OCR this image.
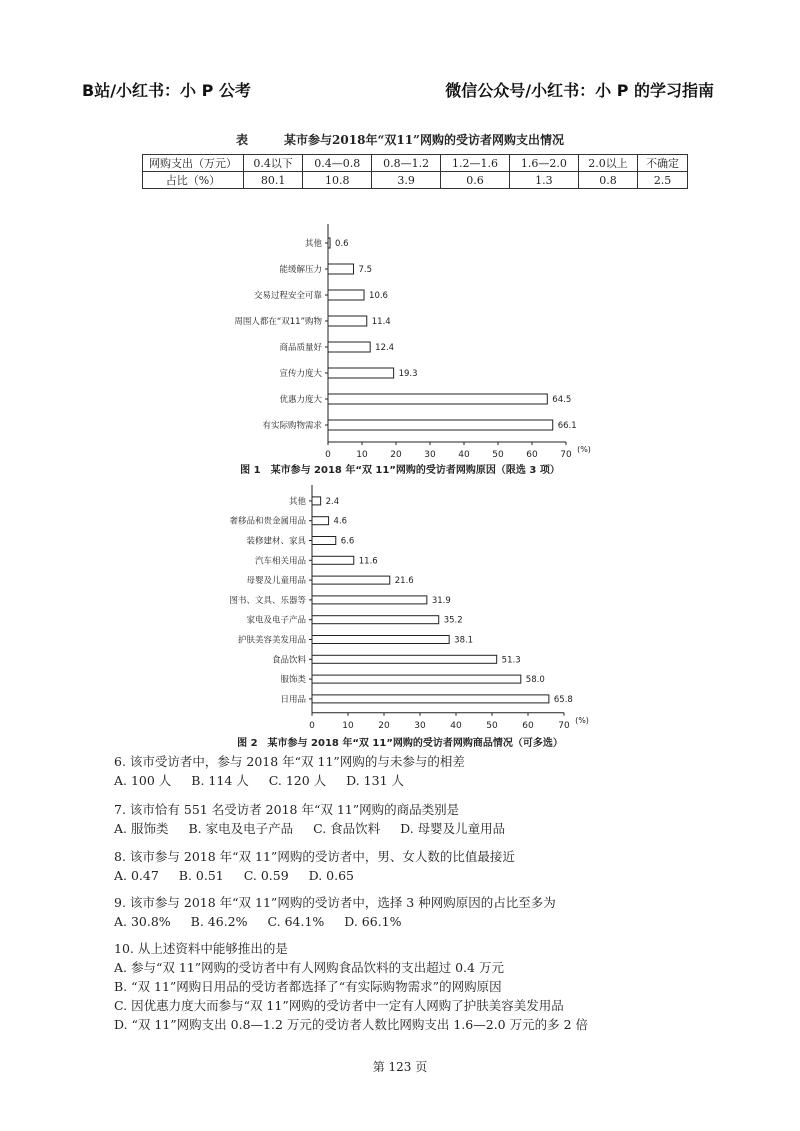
B站/小红书：小 P 公考	微信公众号/小红书：小 P 的学习指南
表	某市参与2018年“双11”网购的受访者网购支出情况
网购支出（万元）	0.4以下	0.4—0.8	0.8—1.2	1.2—1.6	1.6—2.0	2.0以上	不确定
占比（%）	80.1	10.8	3.9	0.6	1.3	0.8	2.5
0	10	20	30	40	50	60	70
(%)
其他 0.6
能缓解压力	7.5
交易过程安全可靠	10.6
周围人都在“双11”购物	11.4
商品质量好	12.4
宣传力度大	19.3
优惠力度大	64.5
有实际购物需求	66.1
图 1　某市参与 2018 年“双 11”网购的受访者网购原因（限选 3 项）
0	10	20	30	40	50	60	70
(%)
其他 2.4
奢移品和贵金属用品	4.6
装修建材、家具	6.6
汽车相关用品	11.6
母婴及儿童用品	21.6
图书、文具、乐器等	31.9
家电及电子产品	35.2
护肤美容美发用品	38.1
食品饮料	51.3
服饰类	58.0
日用品	65.8
图 2　某市参与 2018 年“双 11”网购的受访者网购商品情况（可多选）
6. 该市受访者中，参与 2018 年“双 11”网购的与未参与的相差
A. 100 人 B. 114 人 C. 120 人 D. 131 人
7. 该市恰有 551 名受访者 2018 年“双 11”网购的商品类别是
A. 服饰类 B. 家电及电子产品 C. 食品饮料 D. 母婴及儿童用品
8. 该市参与 2018 年“双 11”网购的受访者中，男、女人数的比值最接近
A. 0.47 B. 0.51 C. 0.59 D. 0.65
9. 该市参与 2018 年“双 11”网购的受访者中，选择 3 种网购原因的占比至多为
A. 30.8% B. 46.2% C. 64.1% D. 66.1%
10. 从上述资料中能够推出的是
A. 参与“双 11”网购的受访者中有人网购食品饮料的支出超过 0.4 万元
B. “双 11”网购日用品的受访者都选择了“有实际购物需求”的网购原因
C. 因优惠力度大而参与“双 11”网购的受访者中一定有人网购了护肤美容美发用品
D. “双 11”网购支出 0.8—1.2 万元的受访者人数比网购支出 1.6—2.0 万元的多 2 倍
第 123 页
